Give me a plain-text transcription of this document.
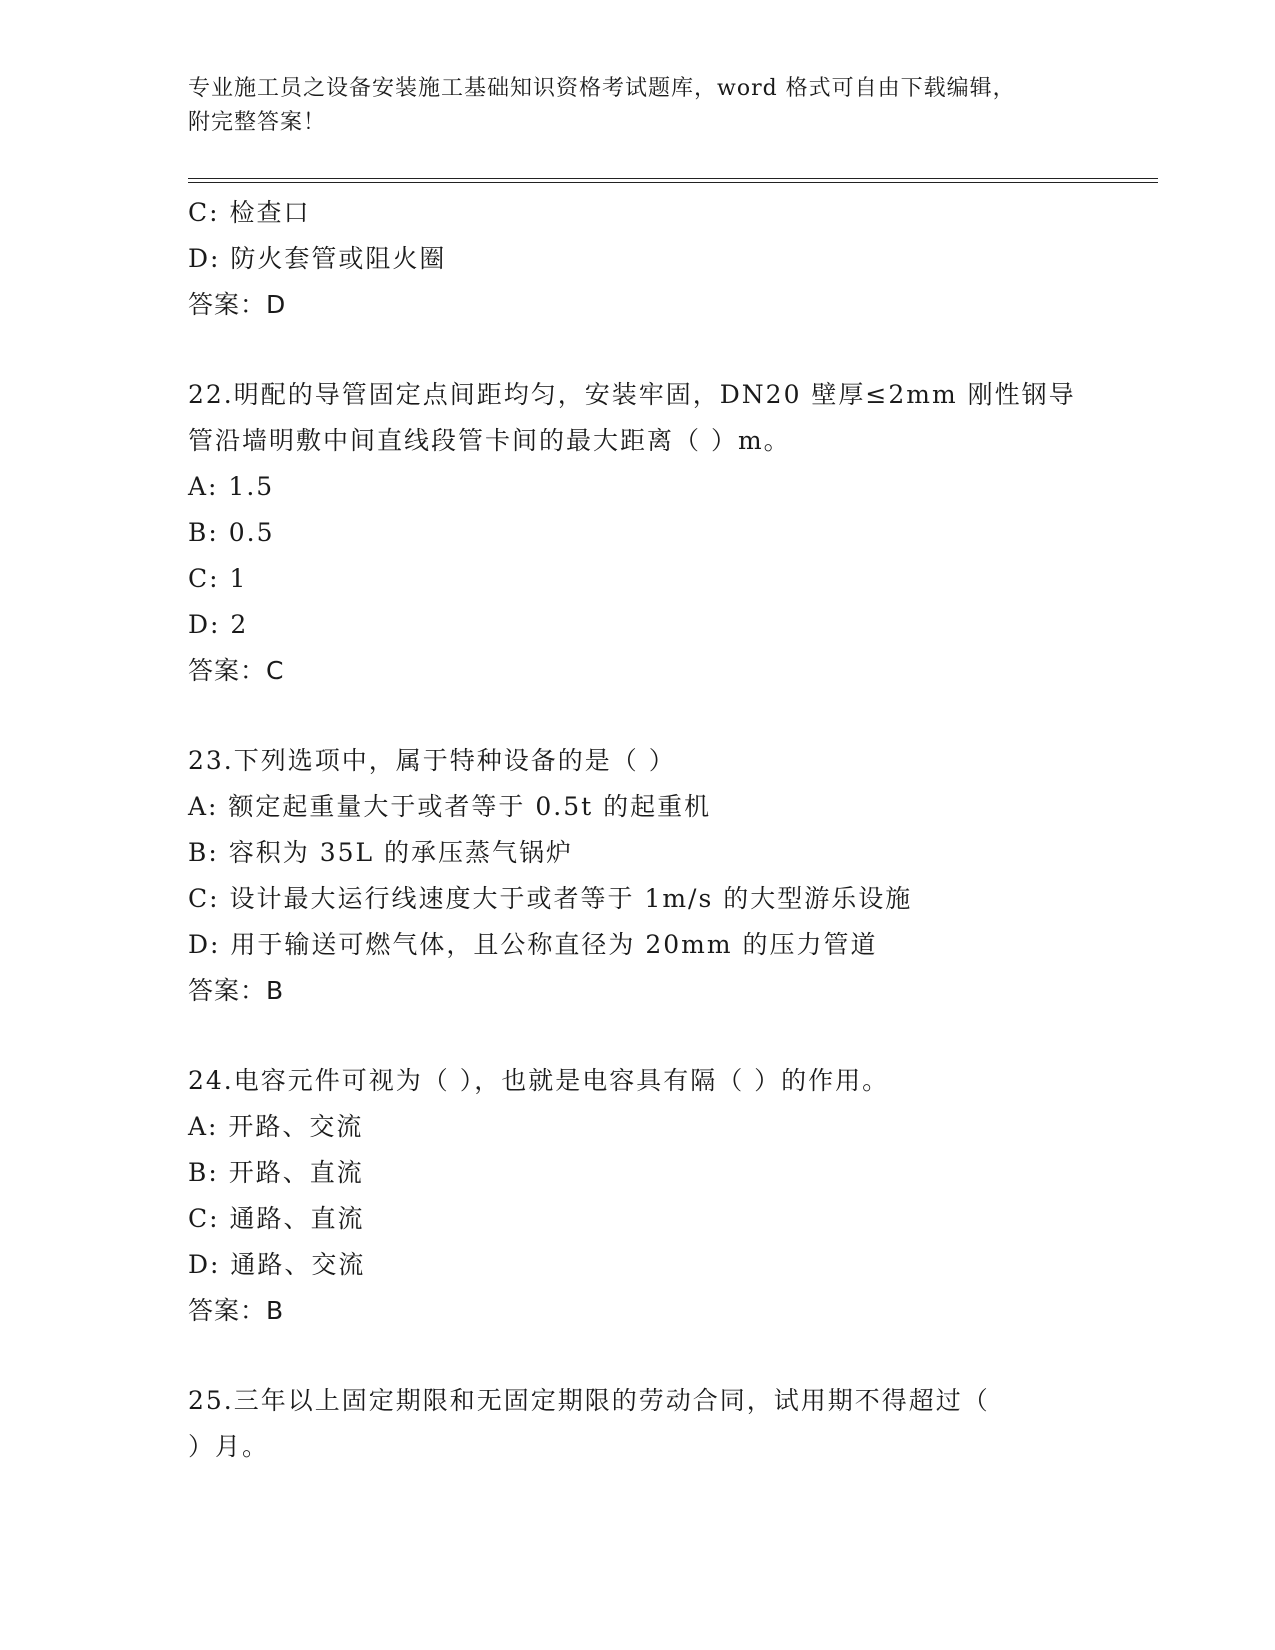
专业施工员之设备安装施工基础知识资格考试题库，word 格式可自由下载编辑，
附完整答案！
C: 检查口
D: 防火套管或阻火圈
答案：D
22.明配的导管固定点间距均匀，安装牢固，DN20 壁厚≤2mm 刚性钢导
管沿墙明敷中间直线段管卡间的最大距离（ ）m。
A: 1.5
B: 0.5
C: 1
D: 2
答案：C
23.下列选项中，属于特种设备的是（ ）
A: 额定起重量大于或者等于 0.5t 的起重机
B: 容积为 35L 的承压蒸气锅炉
C: 设计最大运行线速度大于或者等于 1m/s 的大型游乐设施
D: 用于输送可燃气体，且公称直径为 20mm 的压力管道
答案：B
24.电容元件可视为（ ），也就是电容具有隔（ ）的作用。
A: 开路、交流
B: 开路、直流
C: 通路、直流
D: 通路、交流
答案：B
25.三年以上固定期限和无固定期限的劳动合同，试用期不得超过（
）月。
